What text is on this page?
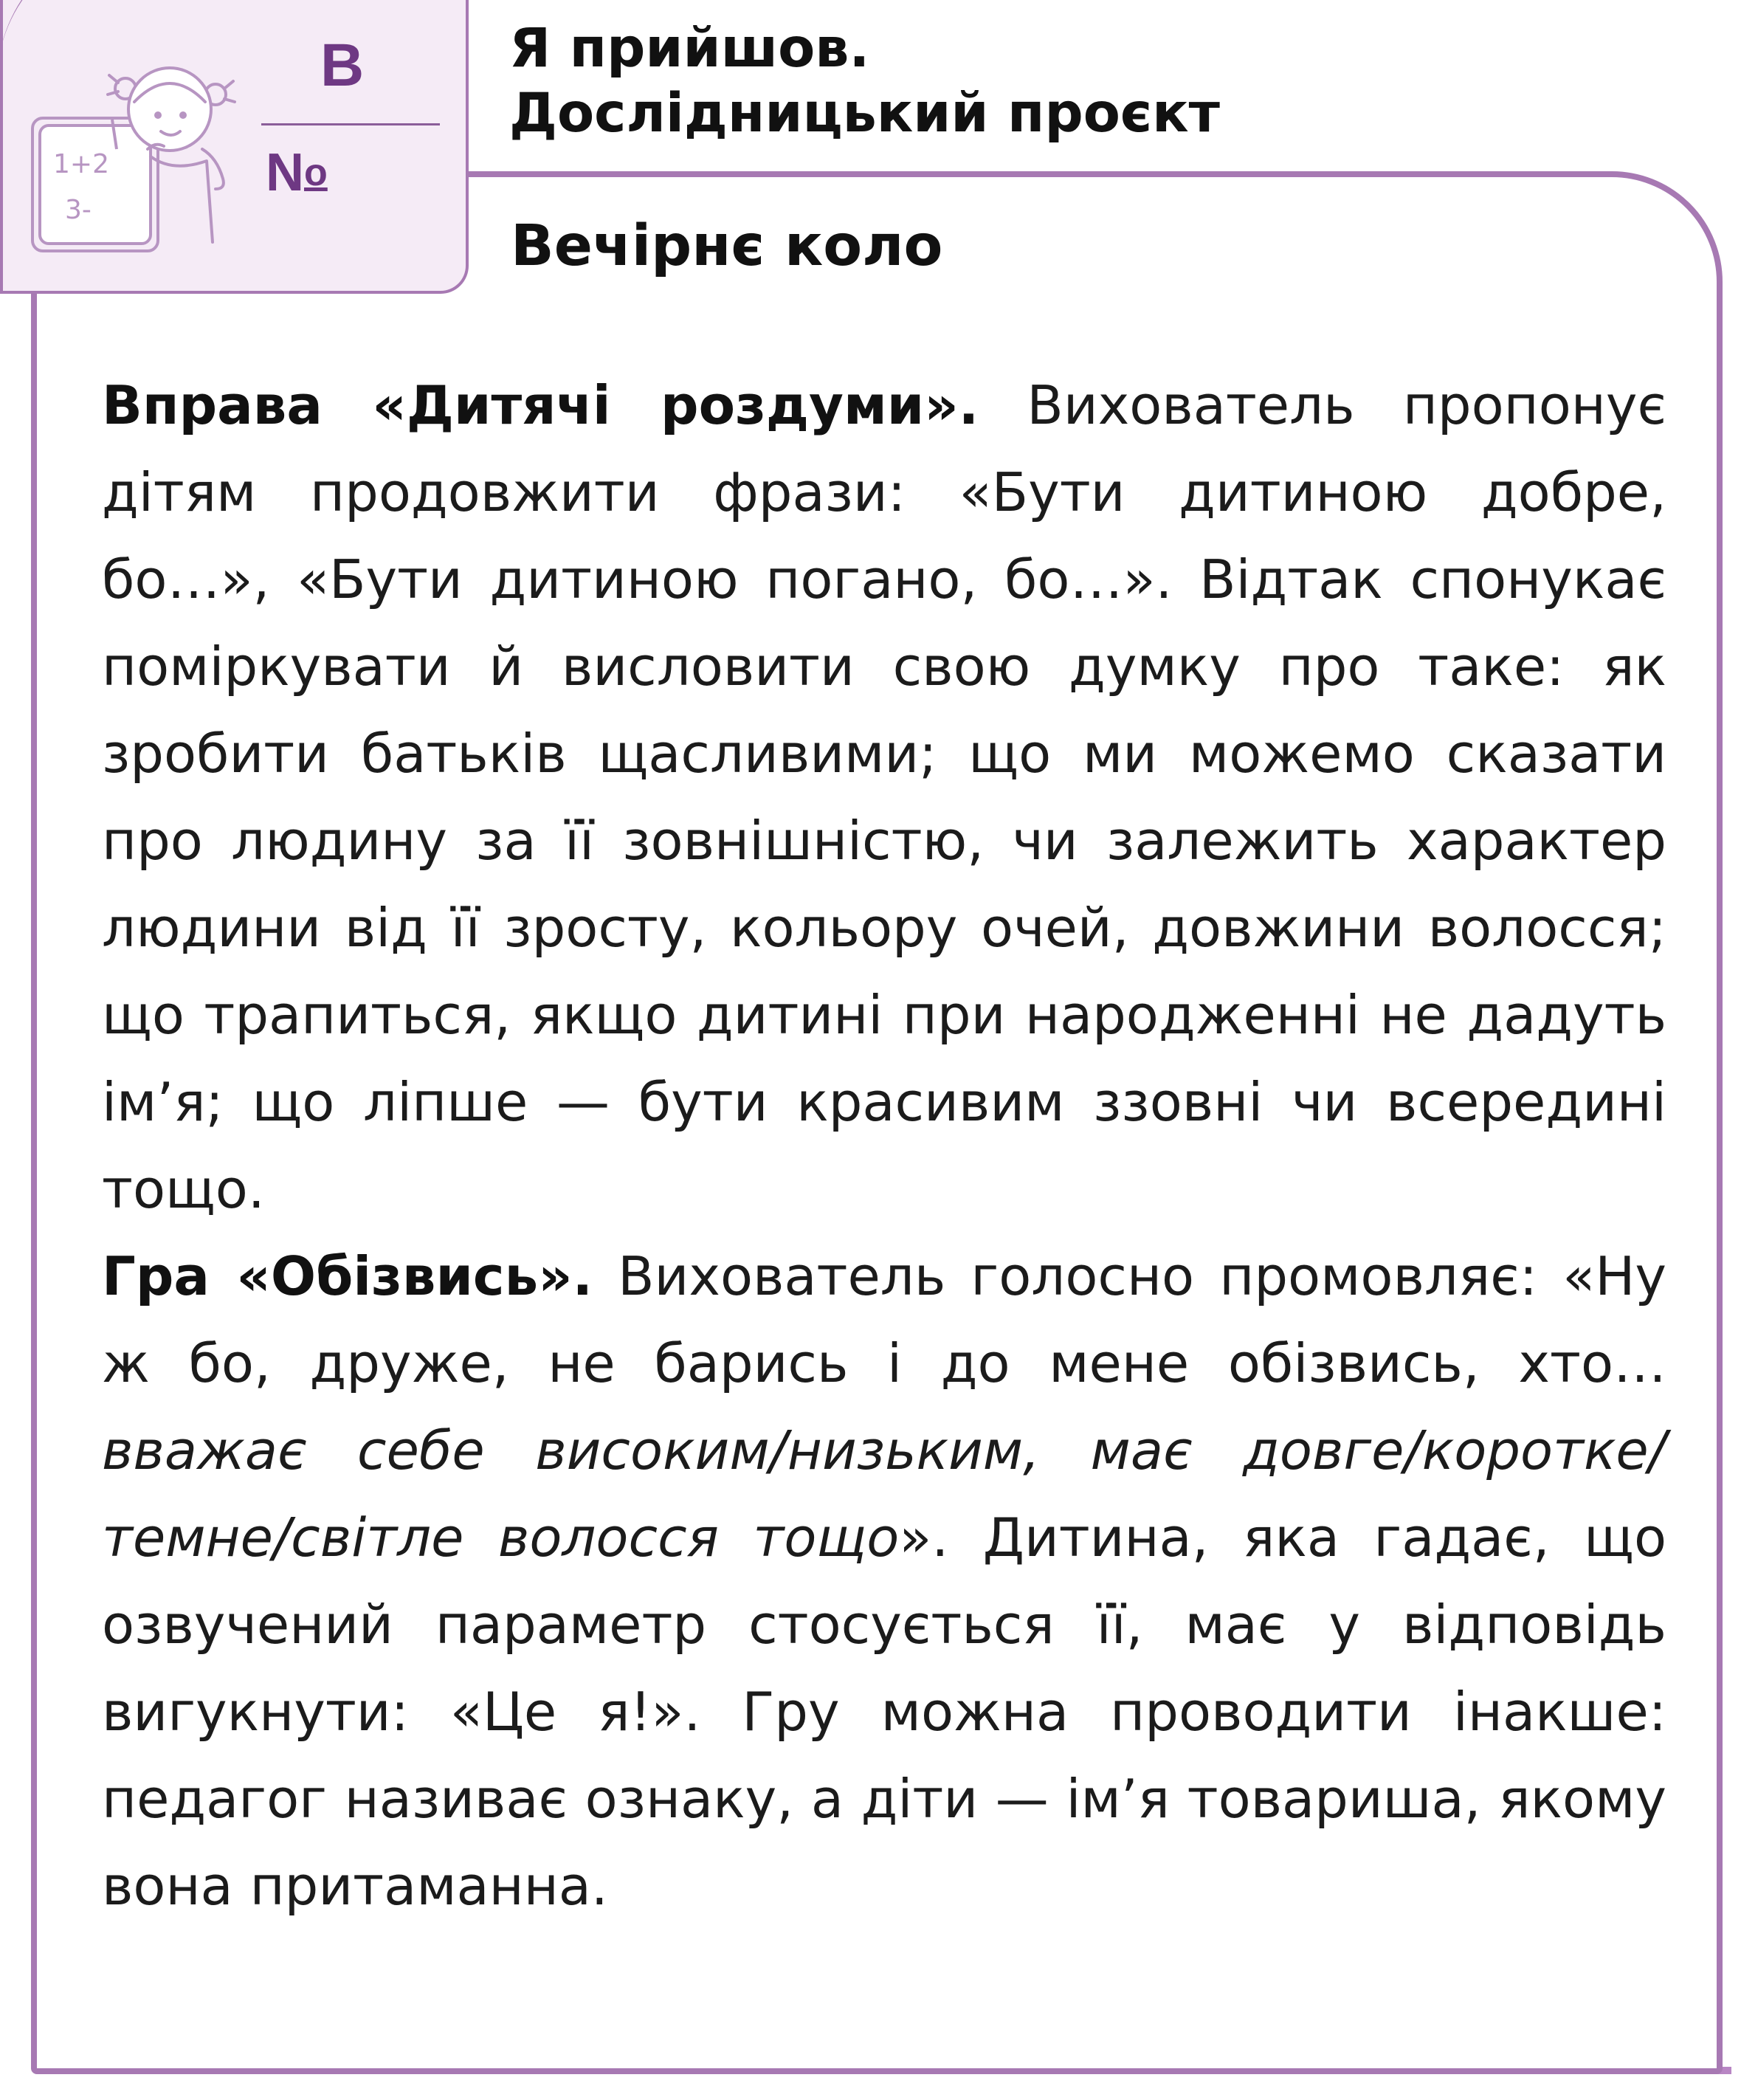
1+2
3-
В
No
Я прийшов.
Дослідницький проєкт
Вечірнє коло

Вправа «Дитячі роздуми». Вихователь пропонує дітям продовжити фрази: «Бути дитиною добре, бо…», «Бути дитиною погано, бо…». Відтак спонукає поміркувати й висловити свою думку про таке: як зробити батьків щасливими; що ми можемо сказати про людину за її зовнішністю, чи залежить характер людини від її зросту, кольору очей, довжини волосся; що трапиться, якщо дитині при народженні не дадуть ім’я; що ліпше — бути красивим ззовні чи всередині тощо.

Гра «Обізвись». Вихователь голосно промовляє: «Ну ж бо, друже, не барись і до мене обізвись, хто… вважає себе високим/низьким, має довге/коротке/темне/світле волосся тощо». Дитина, яка гадає, що озвучений параметр стосується її, має у відповідь вигукнути: «Це я!». Гру можна проводити інакше: педагог називає ознаку, а діти — ім’я товариша, якому вона притаманна.
